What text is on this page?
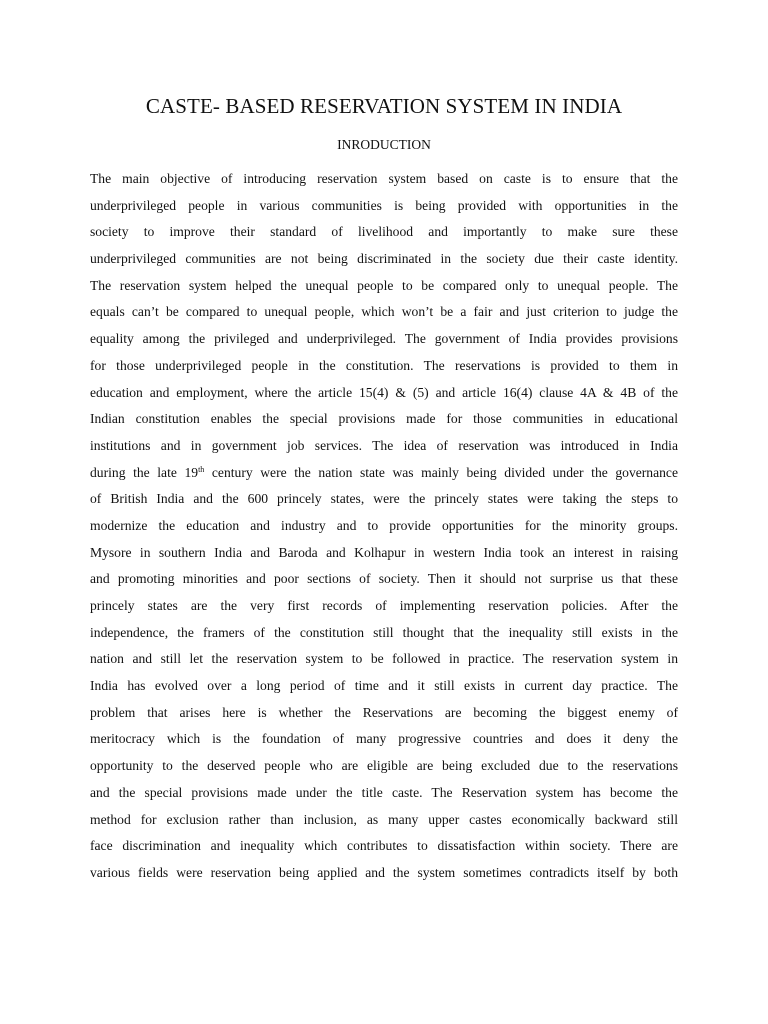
CASTE- BASED RESERVATION SYSTEM IN INDIA
INRODUCTION
The main objective of introducing reservation system based on caste is to ensure that the
underprivileged people in various communities is being provided with opportunities in the
society to improve their standard of livelihood and importantly to make sure these
underprivileged communities are not being discriminated in the society due their caste identity.
The reservation system helped the unequal people to be compared only to unequal people. The
equals can’t be compared to unequal people, which won’t be a fair and just criterion to judge the
equality among the privileged and underprivileged. The government of India provides provisions
for those underprivileged people in the constitution. The reservations is provided to them in
education and employment, where the article 15(4) & (5) and article 16(4) clause 4A & 4B of the
Indian constitution enables the special provisions made for those communities in educational
institutions and in government job services. The idea of reservation was introduced in India
during the late 19th century were the nation state was mainly being divided under the governance
of British India and the 600 princely states, were the princely states were taking the steps to
modernize the education and industry and to provide opportunities for the minority groups.
Mysore in southern India and Baroda and Kolhapur in western India took an interest in raising
and promoting minorities and poor sections of society. Then it should not surprise us that these
princely states are the very first records of implementing reservation policies. After the
independence, the framers of the constitution still thought that the inequality still exists in the
nation and still let the reservation system to be followed in practice. The reservation system in
India has evolved over a long period of time and it still exists in current day practice. The
problem that arises here is whether the Reservations are becoming the biggest enemy of
meritocracy which is the foundation of many progressive countries and does it deny the
opportunity to the deserved people who are eligible are being excluded due to the reservations
and the special provisions made under the title caste. The Reservation system has become the
method for exclusion rather than inclusion, as many upper castes economically backward still
face discrimination and inequality which contributes to dissatisfaction within society. There are
various fields were reservation being applied and the system sometimes contradicts itself by both
